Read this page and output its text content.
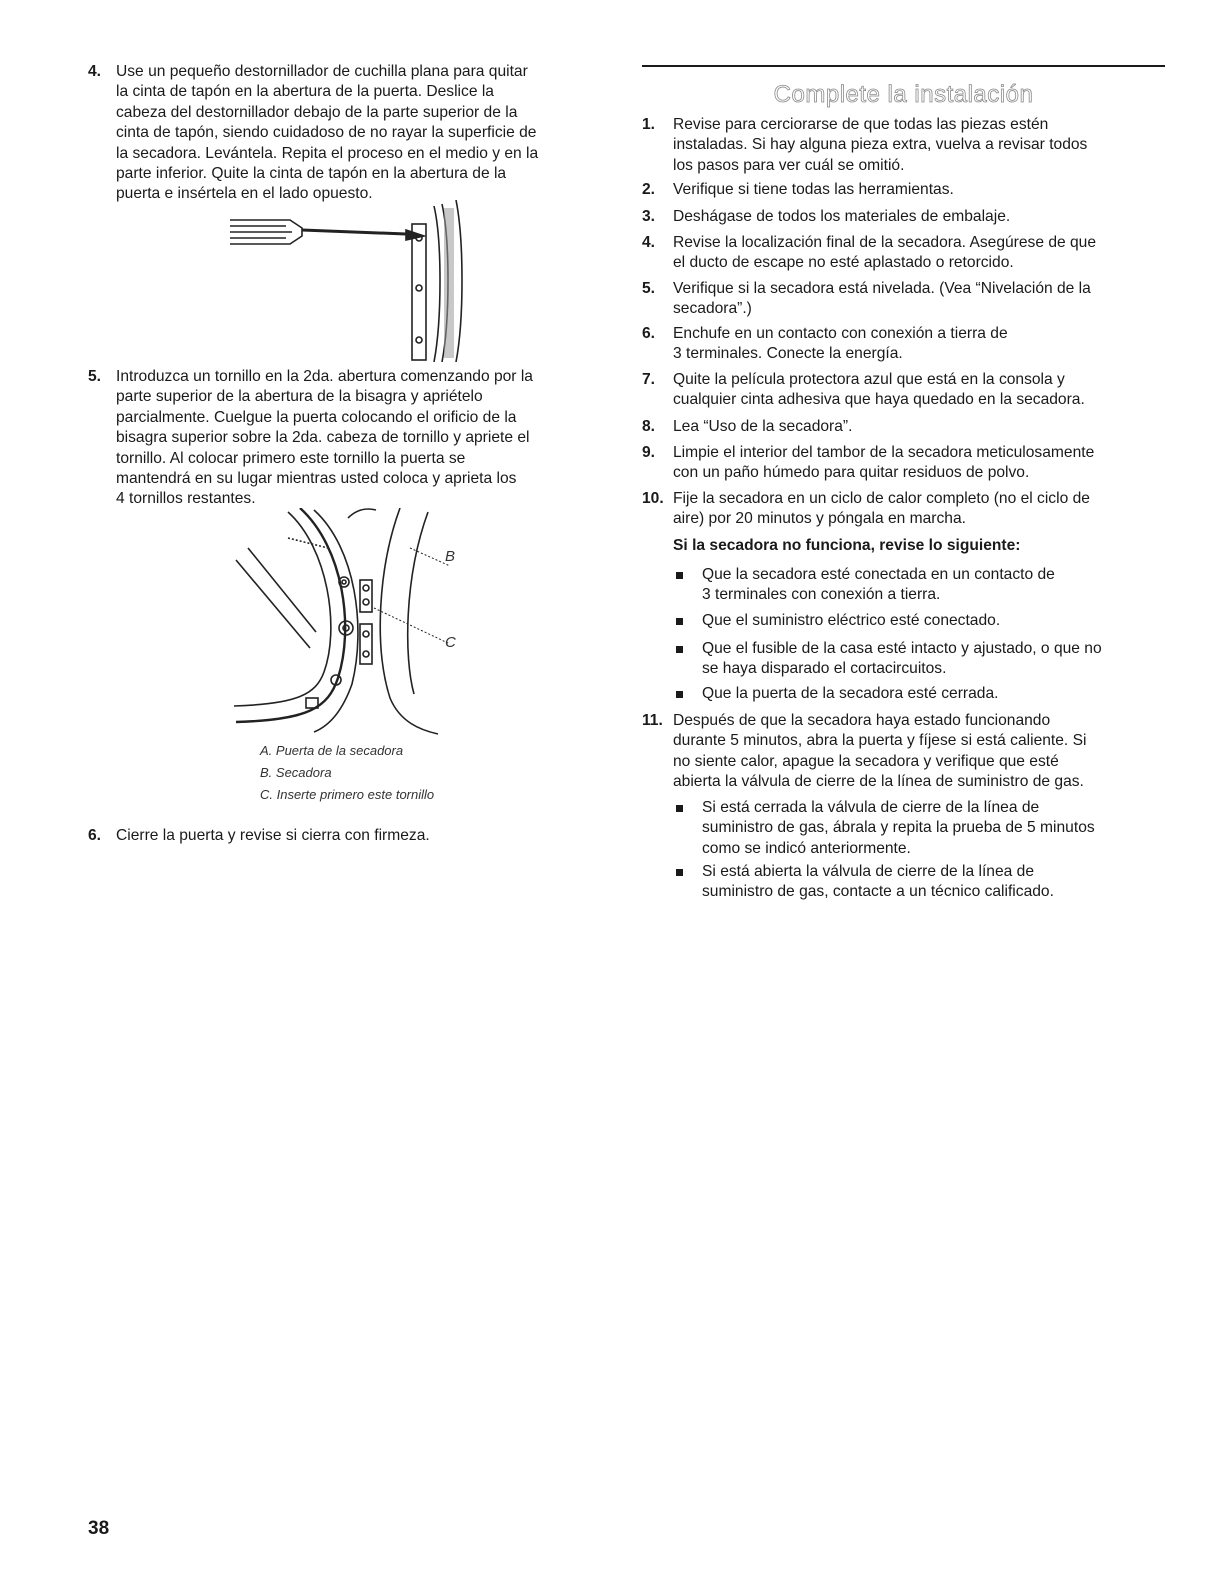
4. Use un pequeño destornillador de cuchilla plana para quitar
la cinta de tapón en la abertura de la puerta. Deslice la
cabeza del destornillador debajo de la parte superior de la
cinta de tapón, siendo cuidadoso de no rayar la superficie de
la secadora. Levántela. Repita el proceso en el medio y en la
parte inferior. Quite la cinta de tapón en la abertura de la
puerta e insértela en el lado opuesto.
5. Introduzca un tornillo en la 2da. abertura comenzando por la
parte superior de la abertura de la bisagra y apriételo
parcialmente. Cuelgue la puerta colocando el orificio de la
bisagra superior sobre la 2da. cabeza de tornillo y apriete el
tornillo. Al colocar primero este tornillo la puerta se
mantendrá en su lugar mientras usted coloca y aprieta los
4 tornillos restantes.
B
C
A. Puerta de la secadora
B. Secadora
C. Inserte primero este tornillo
6. Cierre la puerta y revise si cierra con firmeza.
Complete la instalación
1.	Revise para cerciorarse de que todas las piezas estén
instaladas. Si hay alguna pieza extra, vuelva a revisar todos
los pasos para ver cuál se omitió.
2.	Verifique si tiene todas las herramientas.
3.	Deshágase de todos los materiales de embalaje.
4.	Revise la localización final de la secadora. Asegúrese de que
el ducto de escape no esté aplastado o retorcido.
5.	Verifique si la secadora está nivelada. (Vea “Nivelación de la
secadora”.)
6.	Enchufe en un contacto con conexión a tierra de
3 terminales. Conecte la energía.
7.	Quite la película protectora azul que está en la consola y
cualquier cinta adhesiva que haya quedado en la secadora.
8.	Lea “Uso de la secadora”.
9.	Limpie el interior del tambor de la secadora meticulosamente
con un paño húmedo para quitar residuos de polvo.
10. Fije la secadora en un ciclo de calor completo (no el ciclo de
aire) por 20 minutos y póngala en marcha.
Si la secadora no funciona, revise lo siguiente:
Que la secadora esté conectada en un contacto de
3 terminales con conexión a tierra.
Que el suministro eléctrico esté conectado.
Que el fusible de la casa esté intacto y ajustado, o que no
se haya disparado el cortacircuitos.
Que la puerta de la secadora esté cerrada.
11. Después de que la secadora haya estado funcionando
durante 5 minutos, abra la puerta y fíjese si está caliente. Si
no siente calor, apague la secadora y verifique que esté
abierta la válvula de cierre de la línea de suministro de gas.
Si está cerrada la válvula de cierre de la línea de
suministro de gas, ábrala y repita la prueba de 5 minutos
como se indicó anteriormente.
Si está abierta la válvula de cierre de la línea de
suministro de gas, contacte a un técnico calificado.
38
